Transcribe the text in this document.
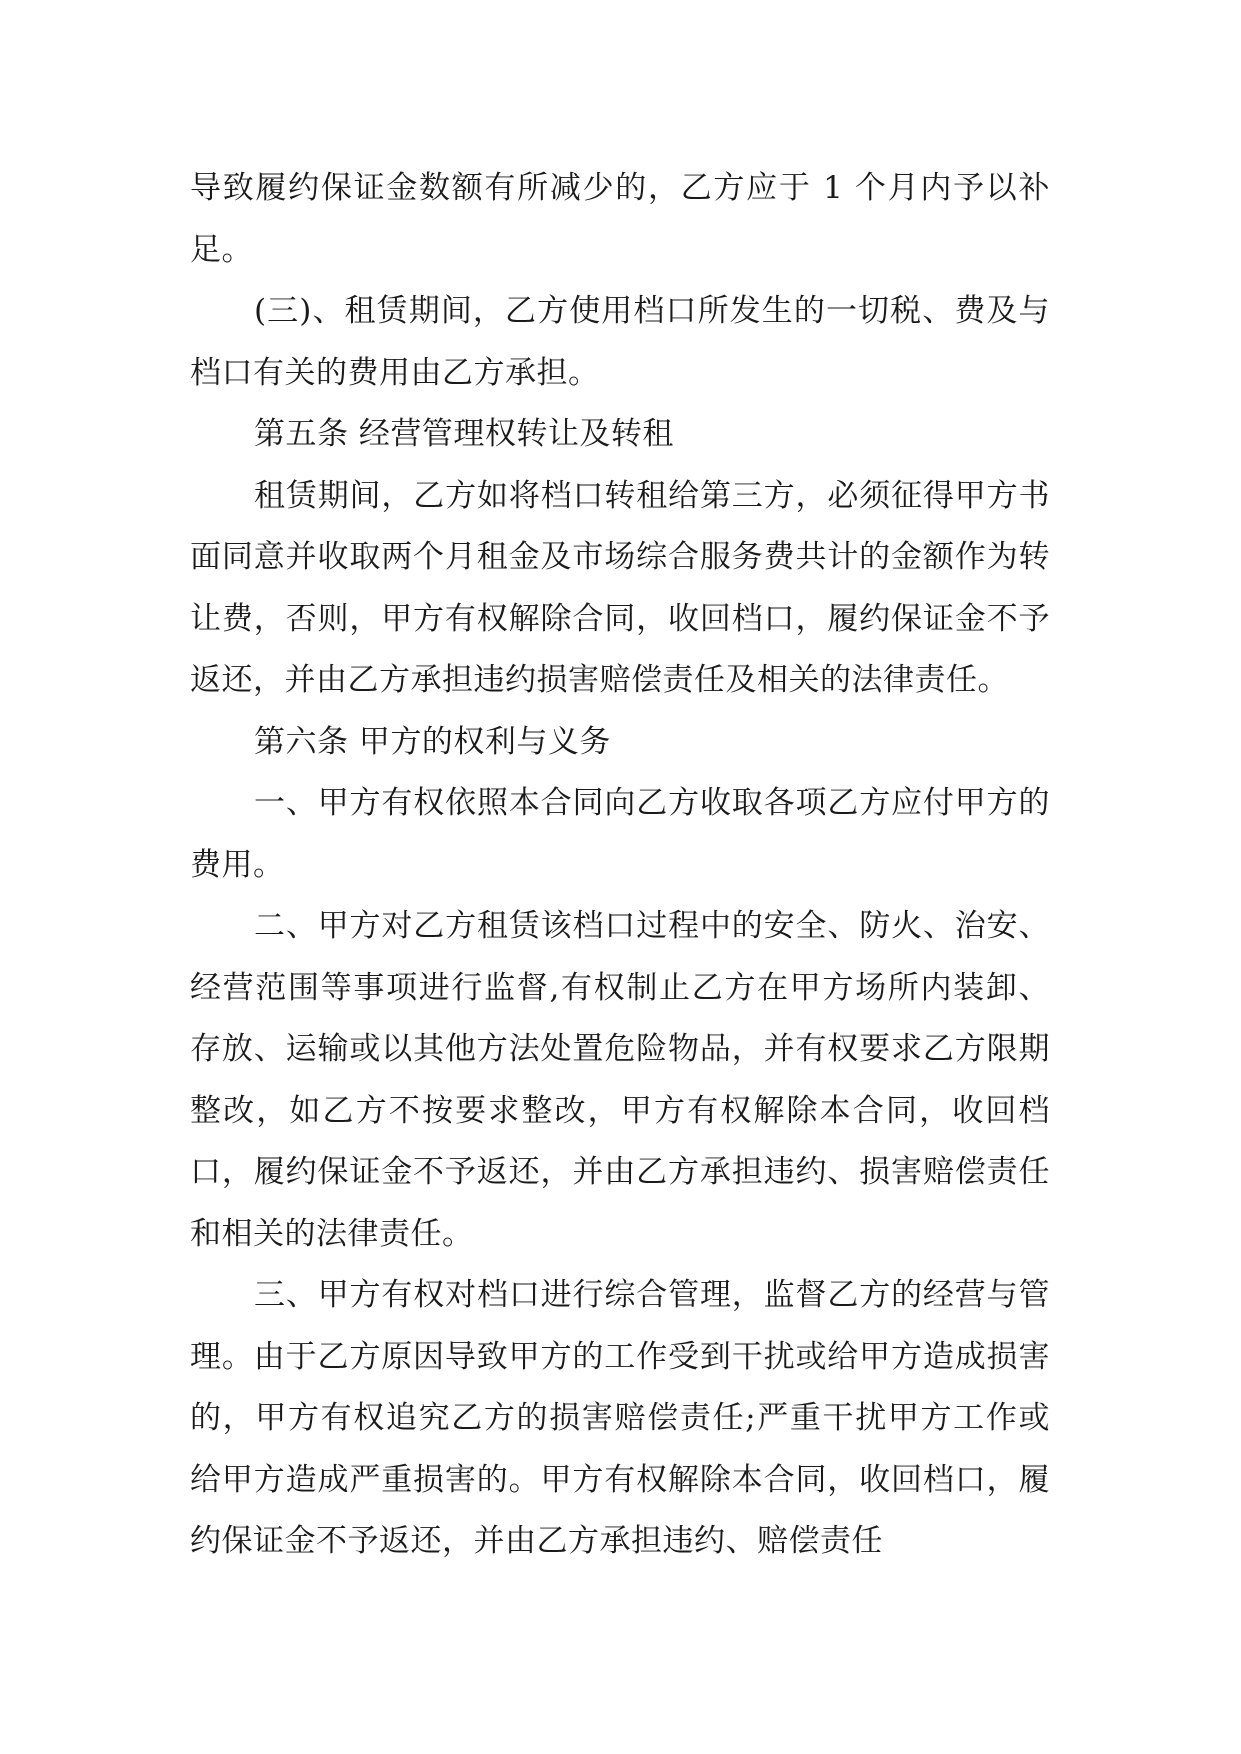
导致履约保证金数额有所减少的，乙方应于 1 个月内予以补足。

(三)、租赁期间，乙方使用档口所发生的一切税、费及与档口有关的费用由乙方承担。

第五条 经营管理权转让及转租

租赁期间，乙方如将档口转租给第三方，必须征得甲方书面同意并收取两个月租金及市场综合服务费共计的金额作为转让费，否则，甲方有权解除合同，收回档口，履约保证金不予返还，并由乙方承担违约损害赔偿责任及相关的法律责任。

第六条 甲方的权利与义务

一、甲方有权依照本合同向乙方收取各项乙方应付甲方的费用。

二、甲方对乙方租赁该档口过程中的安全、防火、治安、经营范围等事项进行监督,有权制止乙方在甲方场所内装卸、存放、运输或以其他方法处置危险物品，并有权要求乙方限期整改，如乙方不按要求整改，甲方有权解除本合同，收回档口，履约保证金不予返还，并由乙方承担违约、损害赔偿责任和相关的法律责任。

三、甲方有权对档口进行综合管理，监督乙方的经营与管理。由于乙方原因导致甲方的工作受到干扰或给甲方造成损害的，甲方有权追究乙方的损害赔偿责任;严重干扰甲方工作或给甲方造成严重损害的。甲方有权解除本合同，收回档口，履约保证金不予返还，并由乙方承担违约、赔偿责任
